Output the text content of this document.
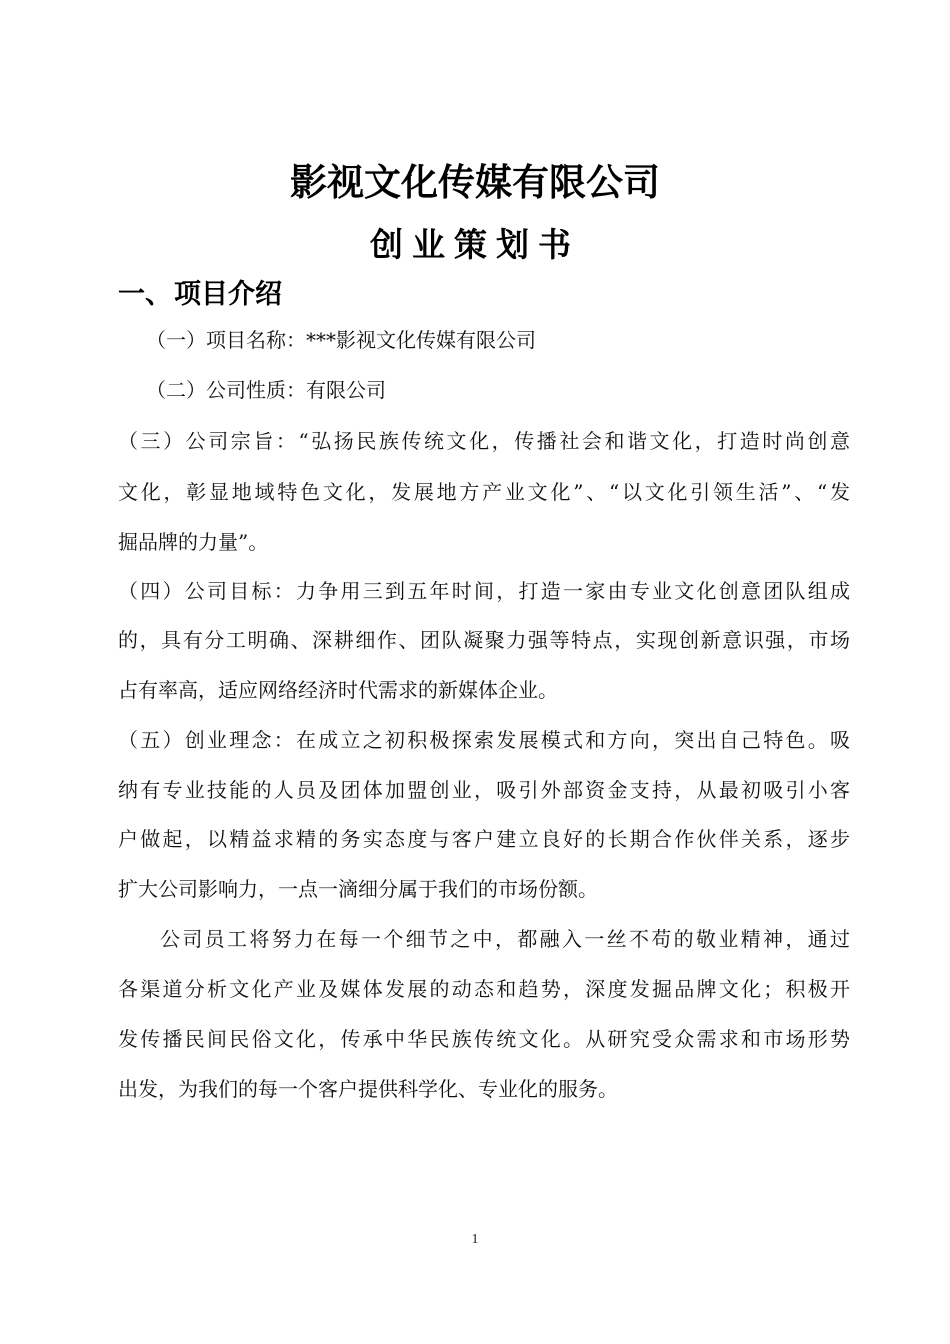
影视文化传媒有限公司
创业策划书
一、项目介绍
（一）项目名称：***影视文化传媒有限公司
（二）公司性质：有限公司
（三）公司宗旨：“弘扬民族传统文化，传播社会和谐文化，打造时尚创意
文化，彰显地域特色文化，发展地方产业文化”、“以文化引领生活”、“发
掘品牌的力量”。
（四）公司目标：力争用三到五年时间，打造一家由专业文化创意团队组成
的，具有分工明确、深耕细作、团队凝聚力强等特点，实现创新意识强，市场
占有率高，适应网络经济时代需求的新媒体企业。
（五）创业理念：在成立之初积极探索发展模式和方向，突出自己特色。吸
纳有专业技能的人员及团体加盟创业，吸引外部资金支持，从最初吸引小客
户做起，以精益求精的务实态度与客户建立良好的长期合作伙伴关系，逐步
扩大公司影响力，一点一滴细分属于我们的市场份额。
公司员工将努力在每一个细节之中，都融入一丝不苟的敬业精神，通过
各渠道分析文化产业及媒体发展的动态和趋势，深度发掘品牌文化；积极开
发传播民间民俗文化，传承中华民族传统文化。从研究受众需求和市场形势
出发，为我们的每一个客户提供科学化、专业化的服务。
1
